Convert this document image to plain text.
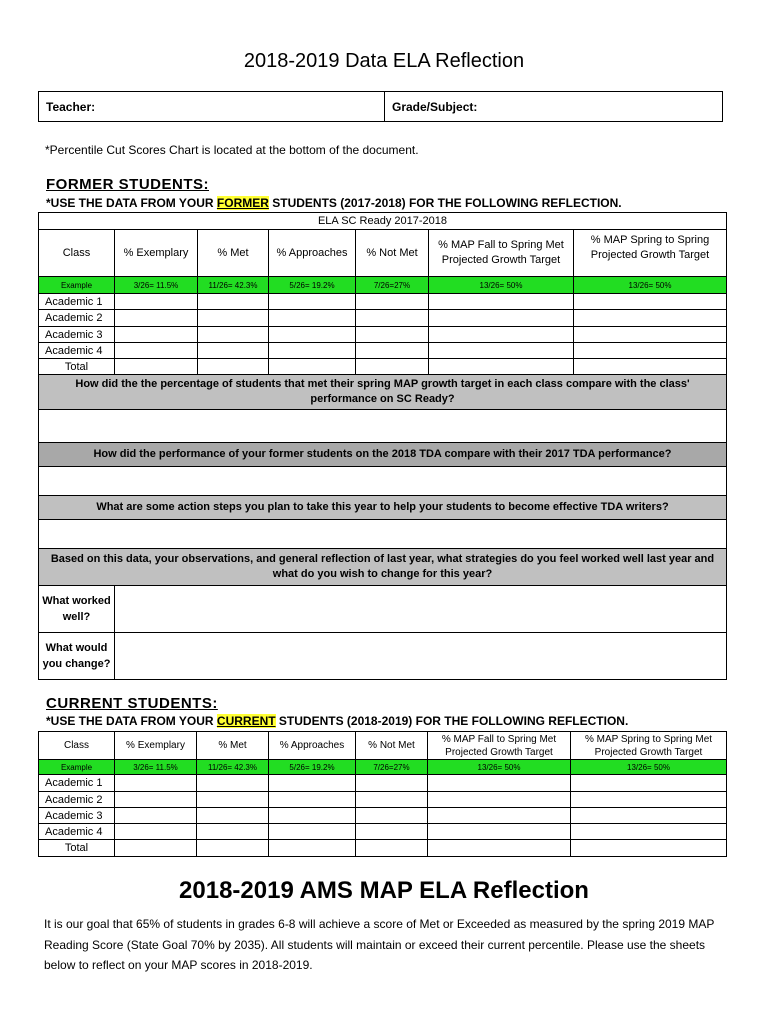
2018-2019 Data ELA Reflection
Teacher:	Grade/Subject:
*Percentile Cut Scores Chart is located at the bottom of the document.
FORMER STUDENTS:
*USE THE DATA FROM YOUR FORMER STUDENTS (2017-2018) FOR THE FOLLOWING REFLECTION.
ELA SC Ready 2017-2018						
Class	% Exemplary	% Met	% Approaches	% Not Met	% MAP Fall to Spring Met Projected Growth Target	% MAP Spring to Spring Projected Growth Target
Example	3/26= 11.5%	11/26= 42.3%	5/26= 19.2%	7/26=27%	13/26= 50%	13/26= 50%
Academic 1						
Academic 2						
Academic 3						
Academic 4						
Total						
How did the the percentage of students that met their spring MAP growth target in each class compare with the class' performance on SC Ready?						

How did the performance of your former students on the 2018 TDA compare with their 2017 TDA performance?						

What are some action steps you plan to take this year to help your students to become effective TDA writers?						

Based on this data, your observations, and general reflection of last year, what strategies do you feel worked well last year and what do you wish to change for this year?						
What worked well?						
What would you change?						
CURRENT STUDENTS:
*USE THE DATA FROM YOUR CURRENT STUDENTS (2018-2019) FOR THE FOLLOWING REFLECTION.
Class	% Exemplary	% Met	% Approaches	% Not Met	% MAP Fall to Spring Met Projected Growth Target	% MAP Spring to Spring Met Projected Growth Target
Example	3/26= 11.5%	11/26= 42.3%	5/26= 19.2%	7/26=27%	13/26= 50%	13/26= 50%
Academic 1						
Academic 2						
Academic 3						
Academic 4						
Total						
2018-2019 AMS MAP ELA Reflection
It is our goal that 65% of students in grades 6-8 will achieve a score of Met or Exceeded as measured by the spring 2019 MAP Reading Score (State Goal 70% by 2035). All students will maintain or exceed their current percentile. Please use the sheets below to reflect on your MAP scores in 2018-2019.
